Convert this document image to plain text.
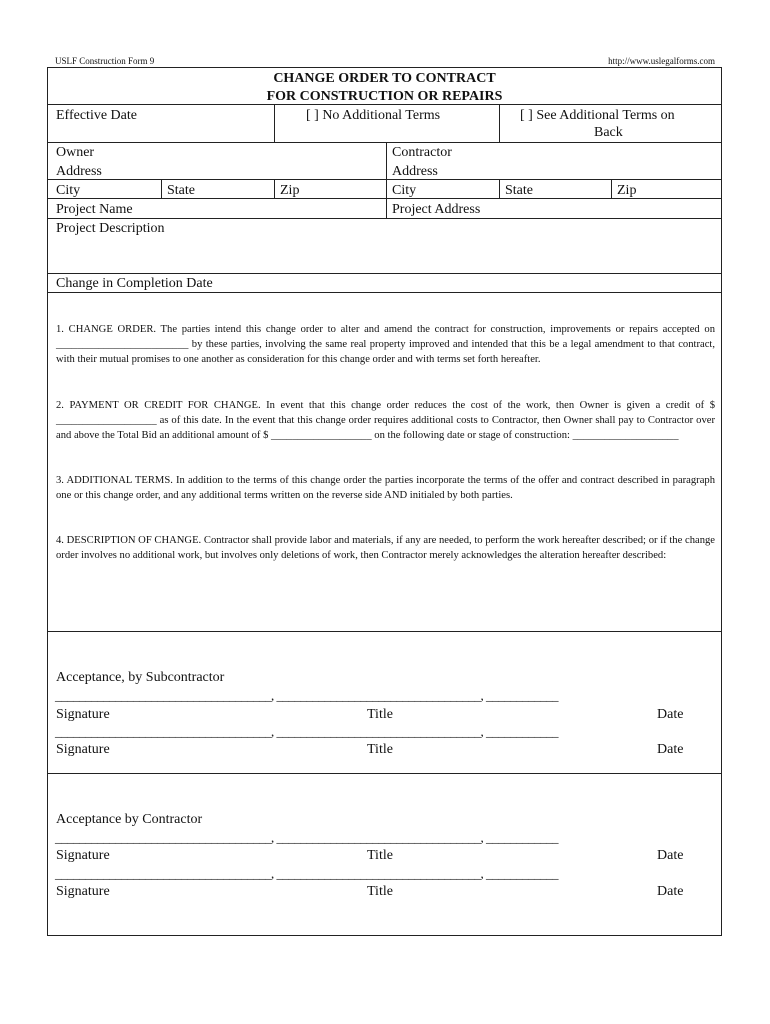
USLF Construction Form 9	http://www.uslegalforms.com
CHANGE ORDER TO CONTRACT
FOR CONSTRUCTION OR REPAIRS
Effective Date	[ ] No Additional Terms	[ ] See Additional Terms on
Back
Owner	Contractor
Address	Address
City	State	Zip	City	State	Zip
Project Name	Project Address
Project Description
Change in Completion Date
1. CHANGE ORDER. The parties intend this change order to alter and amend the contract for construction, improvements or repairs accepted on _________________________ by these parties, involving the same real property improved and intended that this be a legal amendment to that contract, with their mutual promises to one another as consideration for this change order and with terms set forth hereafter.
2. PAYMENT OR CREDIT FOR CHANGE. In event that this change order reduces the cost of the work, then Owner is given a credit of $ ___________________ as of this date. In the event that this change order requires additional costs to Contractor, then Owner shall pay to Contractor over and above the Total Bid an additional amount of $ ___________________ on the following date or stage of construction: ____________________
3. ADDITIONAL TERMS. In addition to the terms of this change order the parties incorporate the terms of the offer and contract described in paragraph one or this change order, and any additional terms written on the reverse side AND initialed by both parties.
4. DESCRIPTION OF CHANGE. Contractor shall provide labor and materials, if any are needed, to perform the work hereafter described; or if the change order involves no additional work, but involves only deletions of work, then Contractor merely acknowledges the alteration hereafter described:
Acceptance, by Subcontractor
____________________________________, __________________________________, ____________
Signature	Title	Date
____________________________________, __________________________________, ____________
Signature	Title	Date
Acceptance by Contractor
____________________________________, __________________________________, ____________
Signature	Title	Date
____________________________________, __________________________________, ____________
Signature	Title	Date
